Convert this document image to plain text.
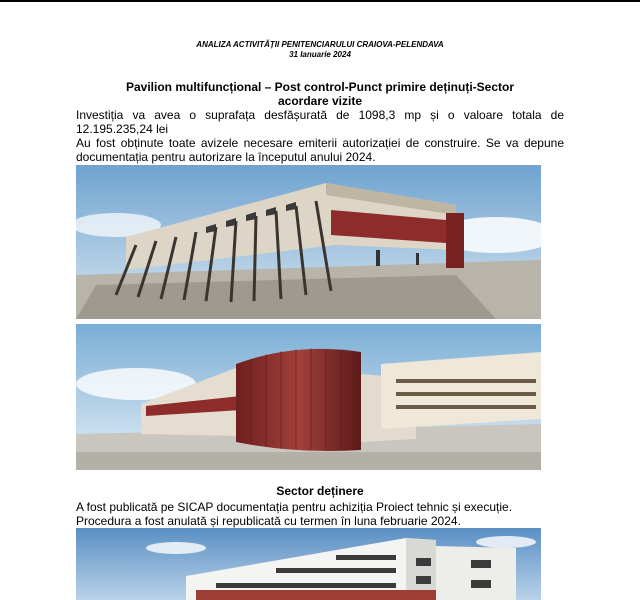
ANALIZA ACTIVITĂȚII PENITENCIARULUI CRAIOVA-PELENDAVA
31 Ianuarie 2024
Pavilion multifuncțional – Post control-Punct primire deținuți-Sector
acordare vizite
Investiția va avea o suprafața desfășurată de 1098,3 mp și o valoare totala de 12.195.235,24 lei
Au fost obținute toate avizele necesare emiterii autorizației de construire. Se va depune documentația pentru autorizare la începutul anului 2024.
Sector deținere
A fost publicată pe SICAP documentația pentru achiziția Proiect tehnic și execuție.
Procedura a fost anulată și republicată cu termen în luna februarie 2024.
